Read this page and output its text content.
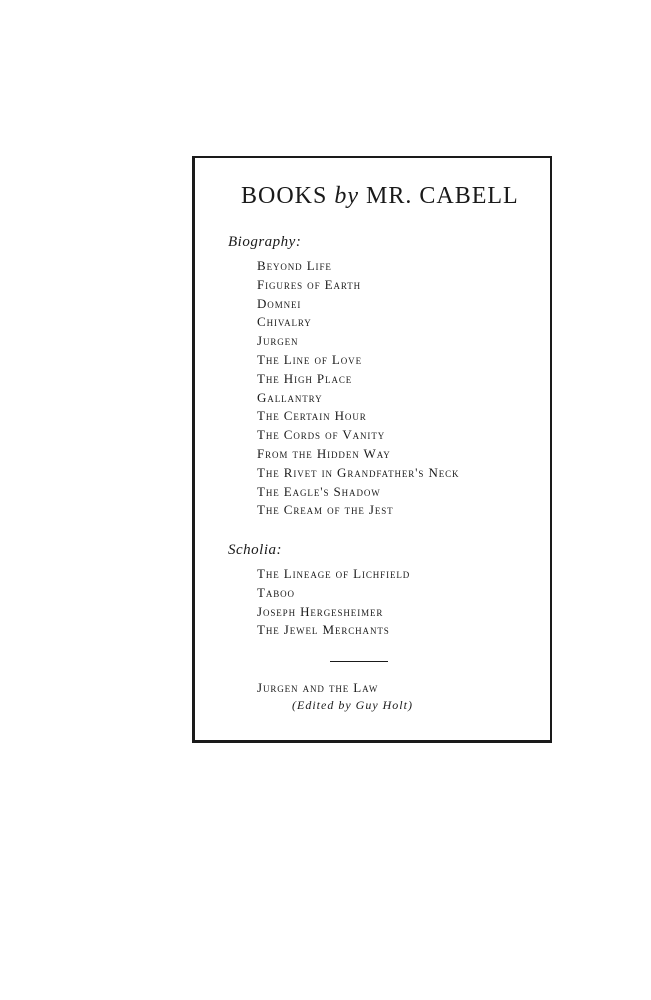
BOOKS by MR. CABELL
Biography:
Beyond Life
Figures of Earth
Domnei
Chivalry
Jurgen
The Line of Love
The High Place
Gallantry
The Certain Hour
The Cords of Vanity
From the Hidden Way
The Rivet in Grandfather's Neck
The Eagle's Shadow
The Cream of the Jest
Scholia:
The Lineage of Lichfield
Taboo
Joseph Hergesheimer
The Jewel Merchants
Jurgen and the Law
(Edited by Guy Holt)
